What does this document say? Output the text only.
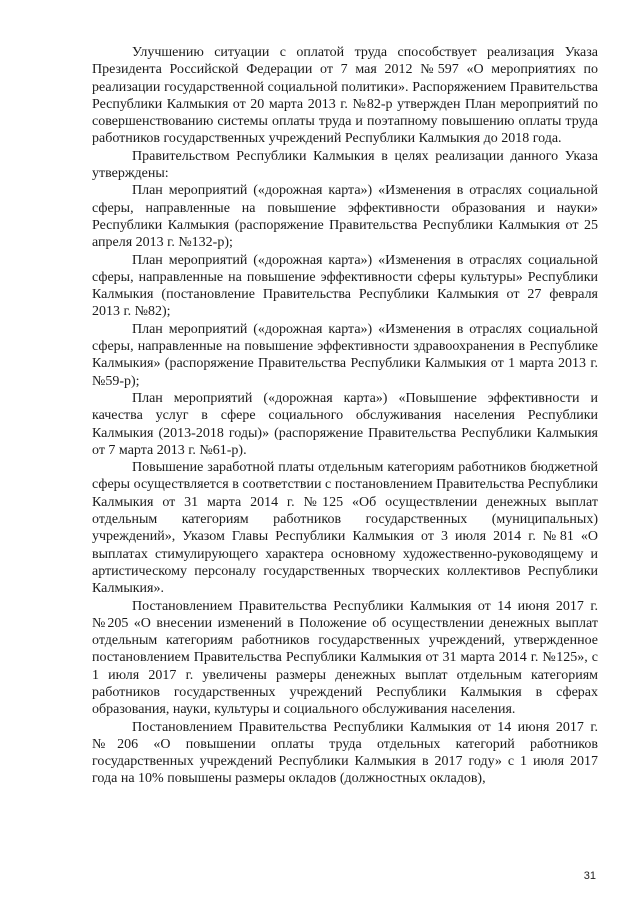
Улучшению ситуации с оплатой труда способствует реализация Указа Президента Российской Федерации от 7 мая 2012 №597 «О мероприятиях по реализации государственной социальной политики». Распоряжением Правительства Республики Калмыкия от 20 марта 2013 г. №82-р утвержден План мероприятий по совершенствованию системы оплаты труда и поэтапному повышению оплаты труда работников государственных учреждений Республики Калмыкия до 2018 года.

Правительством Республики Калмыкия в целях реализации данного Указа утверждены:

План мероприятий («дорожная карта») «Изменения в отраслях социальной сферы, направленные на повышение эффективности образования и науки» Республики Калмыкия (распоряжение Правительства Республики Калмыкия от 25 апреля 2013 г. №132-р);

План мероприятий («дорожная карта») «Изменения в отраслях социальной сферы, направленные на повышение эффективности сферы культуры» Республики Калмыкия (постановление Правительства Республики Калмыкия от 27 февраля 2013 г. №82);

План мероприятий («дорожная карта») «Изменения в отраслях социальной сферы, направленные на повышение эффективности здравоохранения в Республике Калмыкия» (распоряжение Правительства Республики Калмыкия от 1 марта 2013 г. №59-р);

План мероприятий («дорожная карта») «Повышение эффективности и качества услуг в сфере социального обслуживания населения Республики Калмыкия (2013-2018 годы)» (распоряжение Правительства Республики Калмыкия от 7 марта 2013 г. №61-р).

Повышение заработной платы отдельным категориям работников бюджетной сферы осуществляется в соответствии с постановлением Правительства Республики Калмыкия от 31 марта 2014 г. №125 «Об осуществлении денежных выплат отдельным категориям работников государственных (муниципальных) учреждений», Указом Главы Республики Калмыкия от 3 июля 2014 г. №81 «О выплатах стимулирующего характера основному художественно-руководящему и артистическому персоналу государственных творческих коллективов Республики Калмыкия».

Постановлением Правительства Республики Калмыкия от 14 июня 2017 г. №205 «О внесении изменений в Положение об осуществлении денежных выплат отдельным категориям работников государственных учреждений, утвержденное постановлением Правительства Республики Калмыкия от 31 марта 2014 г. №125», с 1 июля 2017 г. увеличены размеры денежных выплат отдельным категориям работников государственных учреждений Республики Калмыкия в сферах образования, науки, культуры и социального обслуживания населения.

Постановлением Правительства Республики Калмыкия от 14 июня 2017 г. №206 «О повышении оплаты труда отдельных категорий работников государственных учреждений Республики Калмыкия в 2017 году» с 1 июля 2017 года на 10% повышены размеры окладов (должностных окладов),

31
